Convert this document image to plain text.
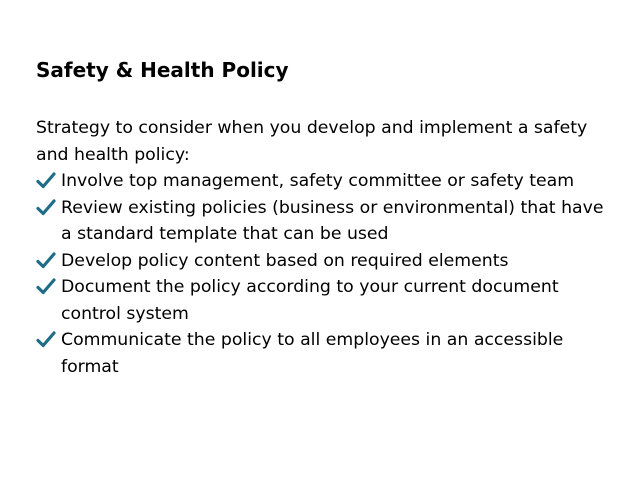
Safety & Health Policy

Strategy to consider when you develop and implement a safety and health policy:

Involve top management, safety committee or safety team
Review existing policies (business or environmental) that have a standard template that can be used
Develop policy content based on required elements
Document the policy according to your current document control system
Communicate the policy to all employees in an accessible format
